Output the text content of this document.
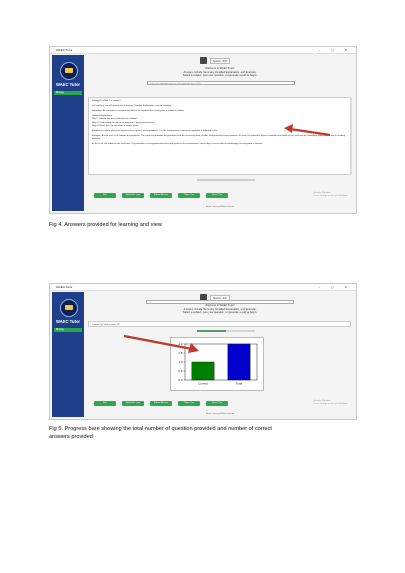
WAEC Tutor	– ▢ ✕
WAEC Tutor
Biology
Score: 0/0
Welcome to WAEC Tutor!
Answers include Summary, Detailed Explanation, and Example.
Select a subject, type your question, or generate a quiz to begin.
Type your question here or click generate quiz (100)...

Biology(1): What is a habitat?

In Very Easy, we will provide the Summary, Detailed Explanation, and an example.

Summary: An ecosystem's environment where an organism lives and grows is called its habitat.

Detailed Explanation:

Step 1: Identify the basic definition of a habitat.

Step 2: Understand the role of an organism's living environment.

Step 3: Break the concept down in simple terms.

A habitat is a place where an organism lives, grows, and reproduces. It is the environment to which an organism is adapted to live.

Example: A coral reef is the habitat of a parrotfish. The coral reef provides the parrotfish with the necessary food, shelter, and protection from predators. In short, the parrotfish helps to maintain the health of the coral reef by controlling algae growth with its feeding behavior.

In this case, the habitat is the coral reef. The parrotfish is an organism that lives and grows in this environment, and it plays a crucial role in maintaining the ecosystem's balance.

Ask	Generate Quiz	Submit Answer	Clear Chat	Save Chat
Activate Windows
Go to Settings to activate Windows.
Smart Learning Without Internet
Fig 4. Answers provided for learning and view
WAEC Tutor	– ▢ ✕
WAEC Tutor
Biology
Score: 1/2
Welcome to WAEC Tutor!
Answers include Summary, Detailed Explanation, and Example.
Select a subject, type your question, or generate a quiz to begin.
Correct (1): View scores: 1/2
0.0
0.5
1.0
1.5
2.0
Correct	Total
Ask	Generate Quiz	Submit Answer	Clear Chat	Save Chat
Activate Windows
Go to Settings to activate Windows.
Smart Learning Without Internet
Fig 5. Progress bare showing the total number of question provided and number of correct
answers provided
